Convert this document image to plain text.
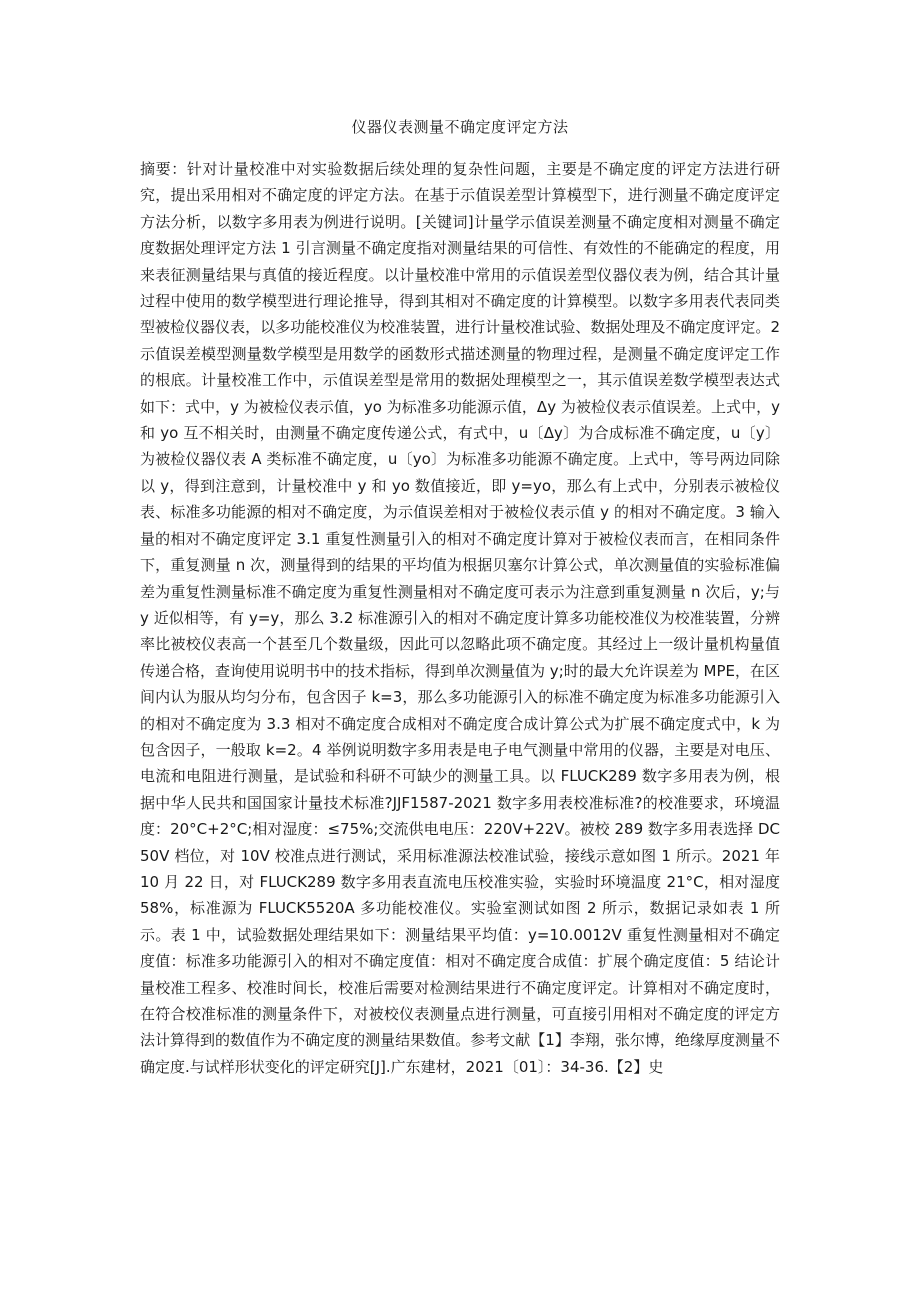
仪器仪表测量不确定度评定方法

摘要：针对计量校准中对实验数据后续处理的复杂性问题，主要是不确定度的评定方法进行研究，提出采用相对不确定度的评定方法。在基于示值误差型计算模型下，进行测量不确定度评定方法分析，以数字多用表为例进行说明。[关键词]计量学示值误差测量不确定度相对测量不确定度数据处理评定方法 1 引言测量不确定度指对测量结果的可信性、有效性的不能确定的程度，用来表征测量结果与真值的接近程度。以计量校准中常用的示值误差型仪器仪表为例，结合其计量过程中使用的数学模型进行理论推导，得到其相对不确定度的计算模型。以数字多用表代表同类型被检仪器仪表，以多功能校准仪为校准装置，进行计量校准试验、数据处理及不确定度评定。2 示值误差模型测量数学模型是用数学的函数形式描述测量的物理过程，是测量不确定度评定工作的根底。计量校准工作中，示值误差型是常用的数据处理模型之一，其示值误差数学模型表达式如下：式中，y 为被检仪表示值，yo 为标准多功能源示值，Δy 为被检仪表示值误差。上式中，y 和 yo 互不相关时，由测量不确定度传递公式，有式中，u〔Δy〕为合成标准不确定度，u〔y〕为被检仪器仪表 A 类标准不确定度，u〔yo〕为标准多功能源不确定度。上式中，等号两边同除以 y，得到注意到，计量校准中 y 和 yo 数值接近，即 y=yo，那么有上式中，分别表示被检仪表、标准多功能源的相对不确定度，为示值误差相对于被检仪表示值 y 的相对不确定度。3 输入量的相对不确定度评定 3.1 重复性测量引入的相对不确定度计算对于被检仪表而言，在相同条件下，重复测量 n 次，测量得到的结果的平均值为根据贝塞尔计算公式，单次测量值的实验标准偏差为重复性测量标准不确定度为重复性测量相对不确定度可表示为注意到重复测量 n 次后，y;与 y 近似相等，有 y=y，那么 3.2 标准源引入的相对不确定度计算多功能校准仪为校准装置，分辨率比被校仪表高一个甚至几个数量级，因此可以忽略此项不确定度。其经过上一级计量机构量值传递合格，查询使用说明书中的技术指标，得到单次测量值为 y;时的最大允许误差为 MPE，在区间内认为服从均匀分布，包含因子 k=3，那么多功能源引入的标准不确定度为标准多功能源引入的相对不确定度为 3.3 相对不确定度合成相对不确定度合成计算公式为扩展不确定度式中，k 为包含因子，一般取 k=2。4 举例说明数字多用表是电子电气测量中常用的仪器，主要是对电压、电流和电阻进行测量，是试验和科研不可缺少的测量工具。以 FLUCK289 数字多用表为例，根据中华人民共和国国家计量技术标准?JJF1587-2021 数字多用表校准标准?的校准要求，环境温度：20°C+2°C;相对湿度：≤75%;交流供电电压：220V+22V。被校 289 数字多用表选择 DC50V 档位，对 10V 校准点进行测试，采用标准源法校准试验，接线示意如图 1 所示。2021 年 10 月 22 日，对 FLUCK289 数字多用表直流电压校准实验，实验时环境温度 21°C，相对湿度 58%，标准源为 FLUCK5520A 多功能校准仪。实验室测试如图 2 所示，数据记录如表 1 所示。表 1 中，试验数据处理结果如下：测量结果平均值：y=10.0012V 重复性测量相对不确定度值：标准多功能源引入的相对不确定度值：相对不确定度合成值：扩展个确定度值：5 结论计量校准工程多、校准时间长，校准后需要对检测结果进行不确定度评定。计算相对不确定度时，在符合校准标准的测量条件下，对被校仪表测量点进行测量，可直接引用相对不确定度的评定方法计算得到的数值作为不确定度的测量结果数值。参考文献【1】李翔，张尔博，绝缘厚度测量不确定度.与试样形状变化的评定研究[J].广东建材，2021〔01〕：34-36.【2】史
